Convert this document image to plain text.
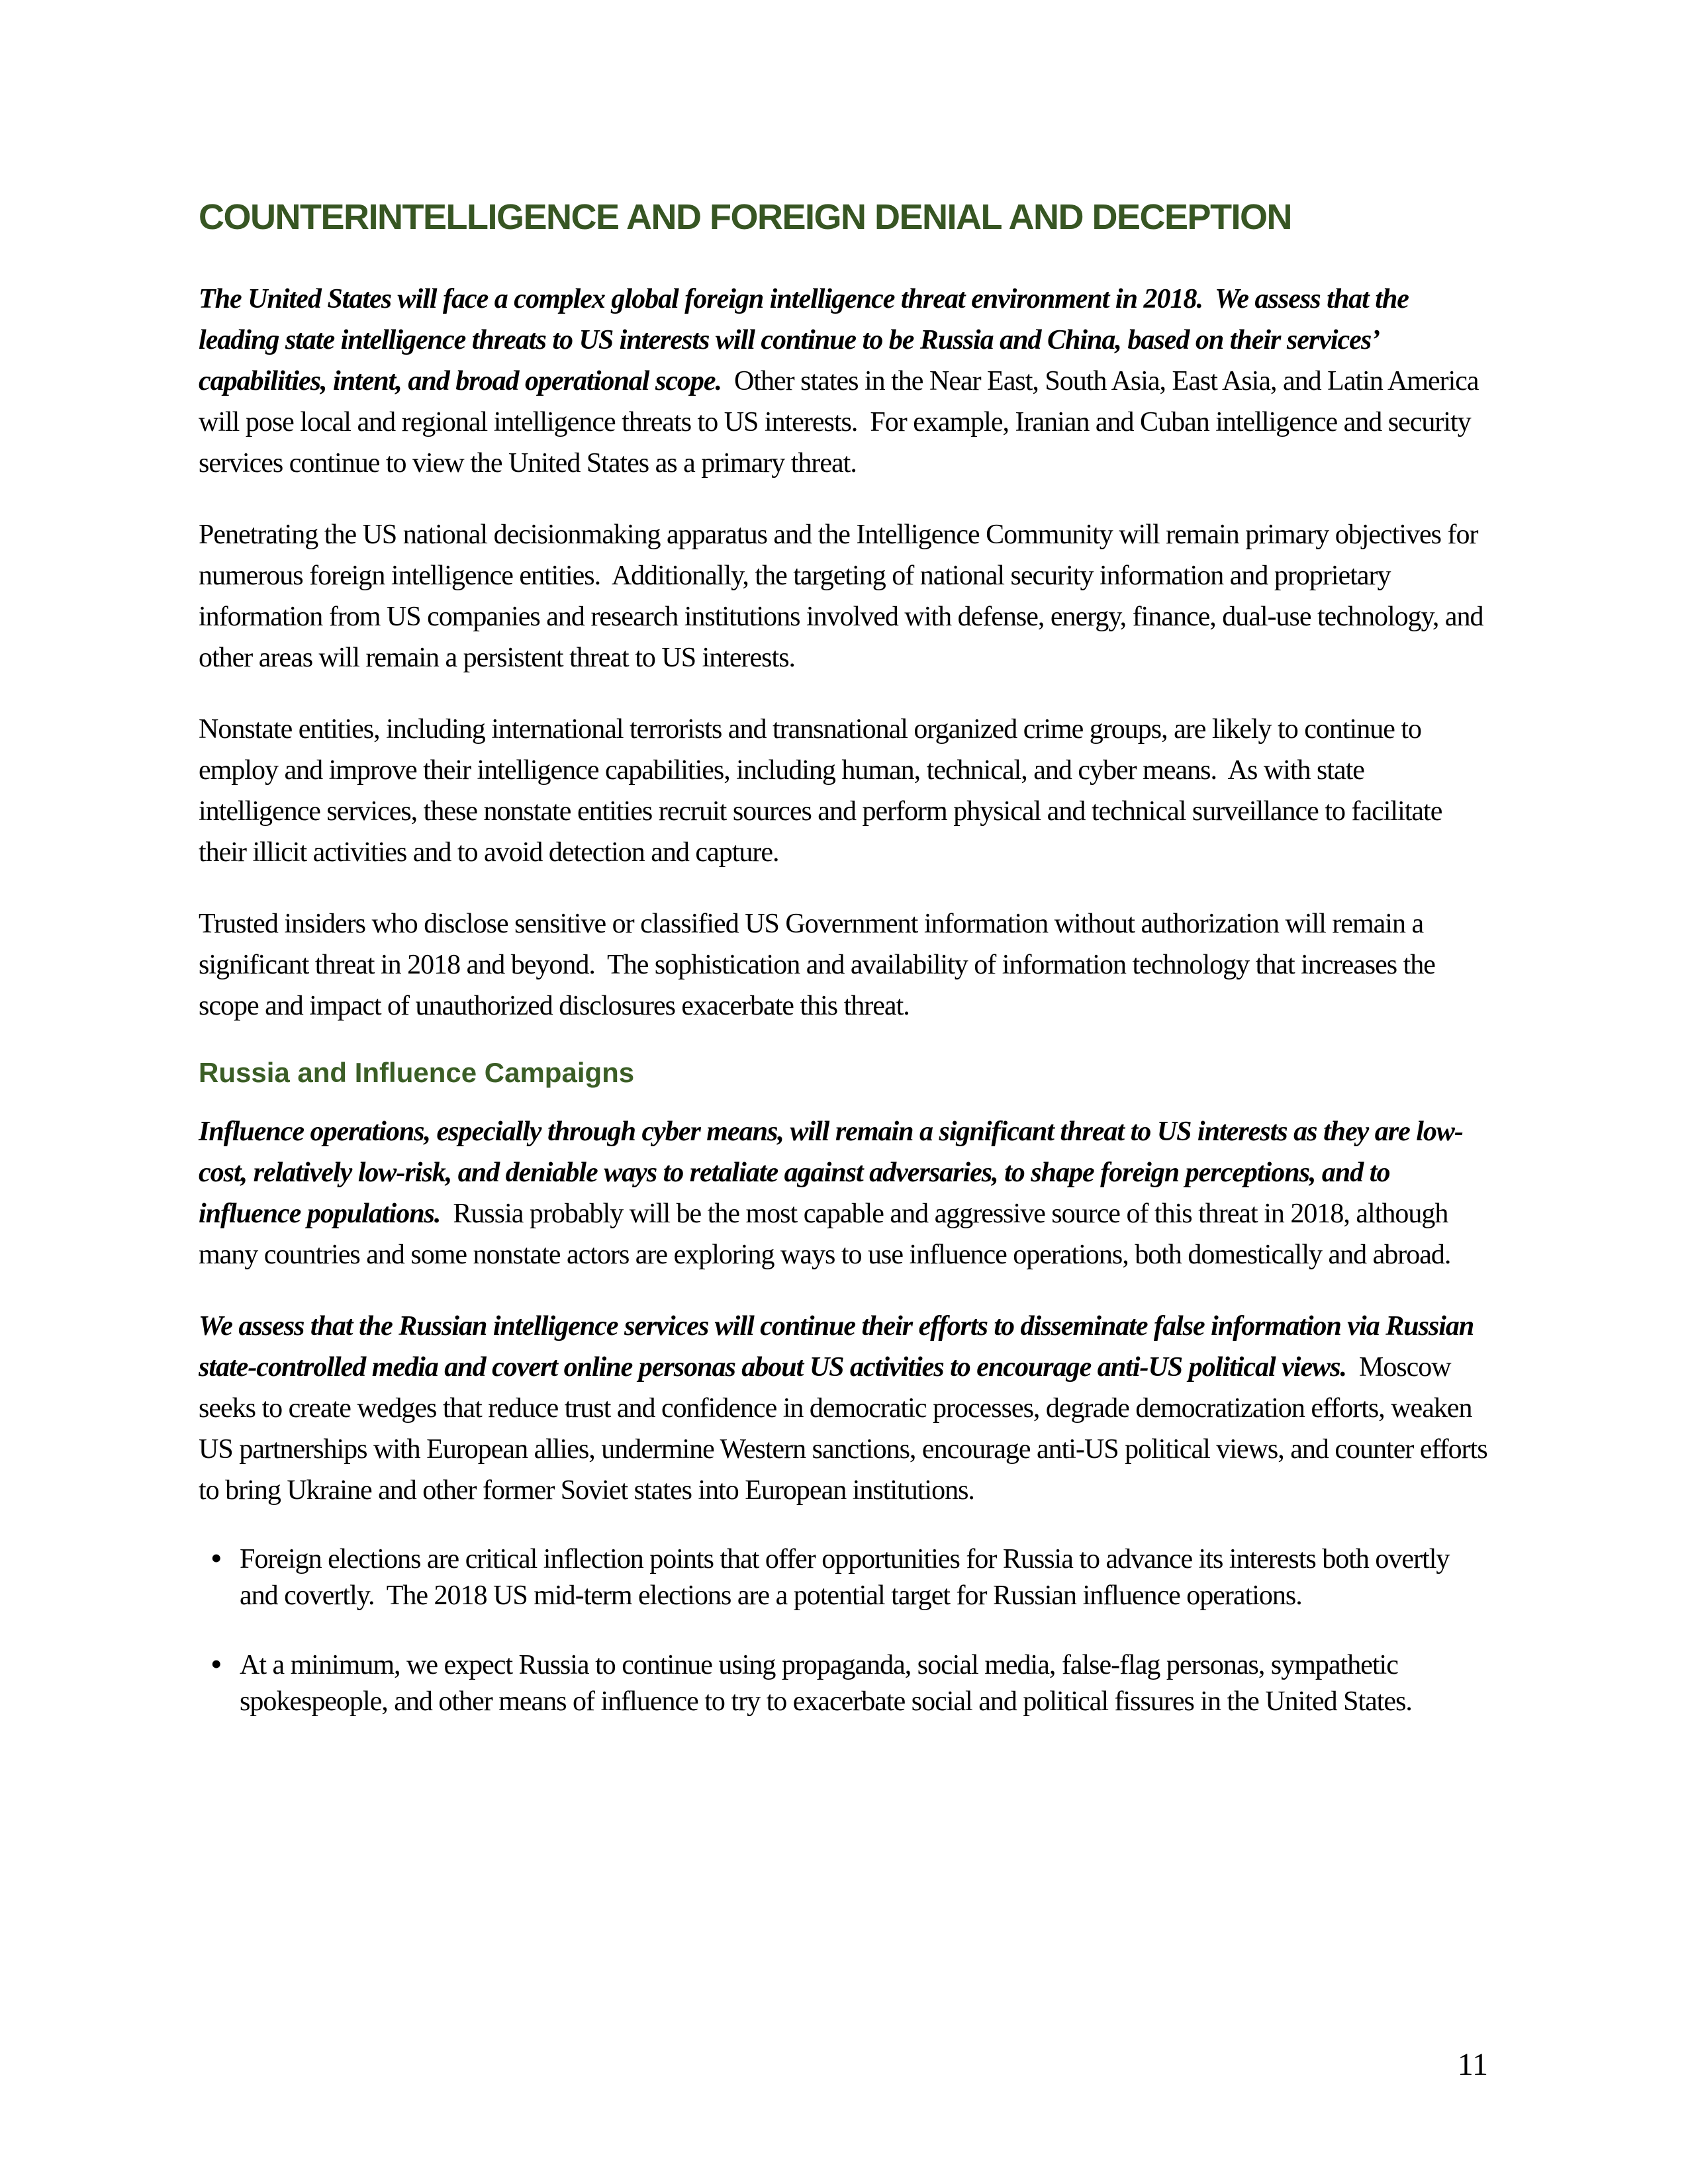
COUNTERINTELLIGENCE AND FOREIGN DENIAL AND DECEPTION

The United States will face a complex global foreign intelligence threat environment in 2018.  We assess that the leading state intelligence threats to US interests will continue to be Russia and China, based on their services’ capabilities, intent, and broad operational scope.  Other states in the Near East, South Asia, East Asia, and Latin America will pose local and regional intelligence threats to US interests.  For example, Iranian and Cuban intelligence and security services continue to view the United States as a primary threat.

Penetrating the US national decisionmaking apparatus and the Intelligence Community will remain primary objectives for numerous foreign intelligence entities.  Additionally, the targeting of national security information and proprietary information from US companies and research institutions involved with defense, energy, finance, dual-use technology, and other areas will remain a persistent threat to US interests.

Nonstate entities, including international terrorists and transnational organized crime groups, are likely to continue to employ and improve their intelligence capabilities, including human, technical, and cyber means.  As with state intelligence services, these nonstate entities recruit sources and perform physical and technical surveillance to facilitate their illicit activities and to avoid detection and capture.

Trusted insiders who disclose sensitive or classified US Government information without authorization will remain a significant threat in 2018 and beyond.  The sophistication and availability of information technology that increases the scope and impact of unauthorized disclosures exacerbate this threat.

Russia and Influence Campaigns

Influence operations, especially through cyber means, will remain a significant threat to US interests as they are low-cost, relatively low-risk, and deniable ways to retaliate against adversaries, to shape foreign perceptions, and to influence populations.  Russia probably will be the most capable and aggressive source of this threat in 2018, although many countries and some nonstate actors are exploring ways to use influence operations, both domestically and abroad.

We assess that the Russian intelligence services will continue their efforts to disseminate false information via Russian state-controlled media and covert online personas about US activities to encourage anti-US political views.  Moscow seeks to create wedges that reduce trust and confidence in democratic processes, degrade democratization efforts, weaken US partnerships with European allies, undermine Western sanctions, encourage anti-US political views, and counter efforts to bring Ukraine and other former Soviet states into European institutions.

• Foreign elections are critical inflection points that offer opportunities for Russia to advance its interests both overtly and covertly.  The 2018 US mid-term elections are a potential target for Russian influence operations.
• At a minimum, we expect Russia to continue using propaganda, social media, false-flag personas, sympathetic spokespeople, and other means of influence to try to exacerbate social and political fissures in the United States.
11
